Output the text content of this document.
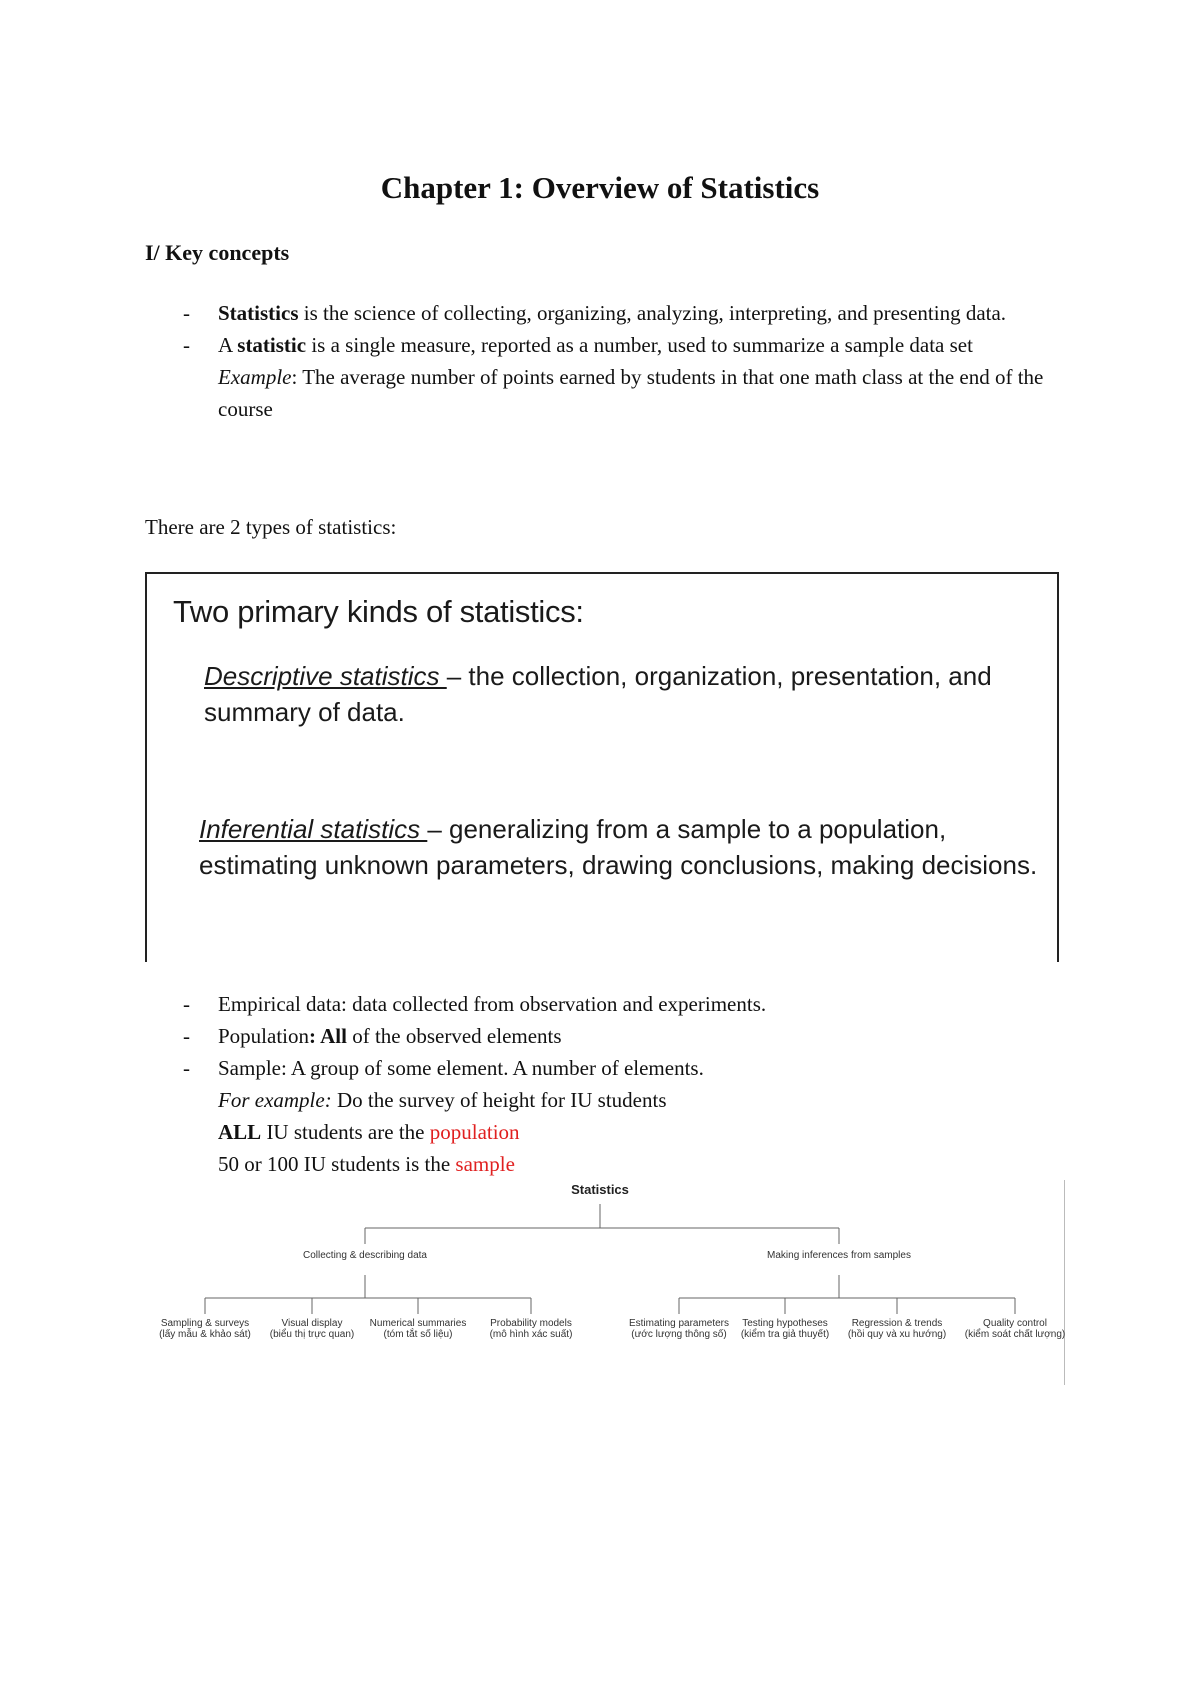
Chapter 1: Overview of Statistics
I/ Key concepts
- Statistics is the science of collecting, organizing, analyzing, interpreting, and presenting data.
- A statistic is a single measure, reported as a number, used to summarize a sample data set
Example: The average number of points earned by students in that one math class at the end of the course
There are 2 types of statistics:
Two primary kinds of statistics:
Descriptive statistics – the collection, organization, presentation, and summary of data.
Inferential statistics – generalizing from a sample to a population, estimating unknown parameters, drawing conclusions, making decisions.
- Empirical data: data collected from observation and experiments.
- Population: All of the observed elements
- Sample: A group of some element. A number of elements.
For example: Do the survey of height for IU students
ALL IU students are the population
50 or 100 IU students is the sample
Statistics
Collecting & describing data	Making inferences from samples
Sampling & surveys
(lấy mẫu & khảo sát)
Visual display
(biểu thị trực quan)
Numerical summaries
(tóm tắt số liệu)
Probability models
(mô hình xác suất)
Estimating parameters
(ước lượng thông số)
Testing hypotheses
(kiểm tra giả thuyết)
Regression & trends
(hồi quy và xu hướng)
Quality control
(kiểm soát chất lượng)
